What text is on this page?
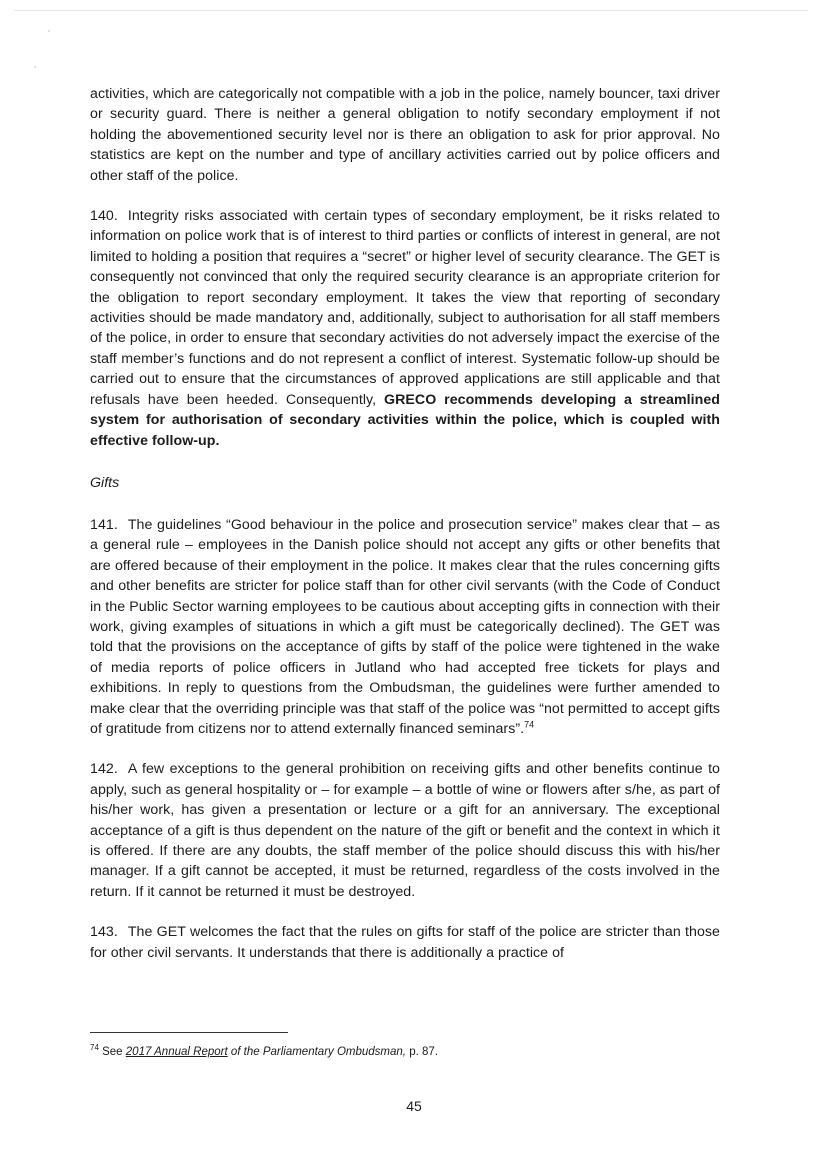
activities, which are categorically not compatible with a job in the police, namely bouncer, taxi driver or security guard. There is neither a general obligation to notify secondary employment if not holding the abovementioned security level nor is there an obligation to ask for prior approval. No statistics are kept on the number and type of ancillary activities carried out by police officers and other staff of the police.

140. Integrity risks associated with certain types of secondary employment, be it risks related to information on police work that is of interest to third parties or conflicts of interest in general, are not limited to holding a position that requires a “secret” or higher level of security clearance. The GET is consequently not convinced that only the required security clearance is an appropriate criterion for the obligation to report secondary employment. It takes the view that reporting of secondary activities should be made mandatory and, additionally, subject to authorisation for all staff members of the police, in order to ensure that secondary activities do not adversely impact the exercise of the staff member’s functions and do not represent a conflict of interest. Systematic follow-up should be carried out to ensure that the circumstances of approved applications are still applicable and that refusals have been heeded. Consequently, GRECO recommends developing a streamlined system for authorisation of secondary activities within the police, which is coupled with effective follow-up.

Gifts

141. The guidelines “Good behaviour in the police and prosecution service” makes clear that – as a general rule – employees in the Danish police should not accept any gifts or other benefits that are offered because of their employment in the police. It makes clear that the rules concerning gifts and other benefits are stricter for police staff than for other civil servants (with the Code of Conduct in the Public Sector warning employees to be cautious about accepting gifts in connection with their work, giving examples of situations in which a gift must be categorically declined). The GET was told that the provisions on the acceptance of gifts by staff of the police were tightened in the wake of media reports of police officers in Jutland who had accepted free tickets for plays and exhibitions. In reply to questions from the Ombudsman, the guidelines were further amended to make clear that the overriding principle was that staff of the police was “not permitted to accept gifts of gratitude from citizens nor to attend externally financed seminars”.$^{74}$

142. A few exceptions to the general prohibition on receiving gifts and other benefits continue to apply, such as general hospitality or – for example – a bottle of wine or flowers after s/he, as part of his/her work, has given a presentation or lecture or a gift for an anniversary. The exceptional acceptance of a gift is thus dependent on the nature of the gift or benefit and the context in which it is offered. If there are any doubts, the staff member of the police should discuss this with his/her manager. If a gift cannot be accepted, it must be returned, regardless of the costs involved in the return. If it cannot be returned it must be destroyed.

143. The GET welcomes the fact that the rules on gifts for staff of the police are stricter than those for other civil servants. It understands that there is additionally a practice of

$^{74}$ See 2017 Annual Report of the Parliamentary Ombudsman, p. 87.
45
